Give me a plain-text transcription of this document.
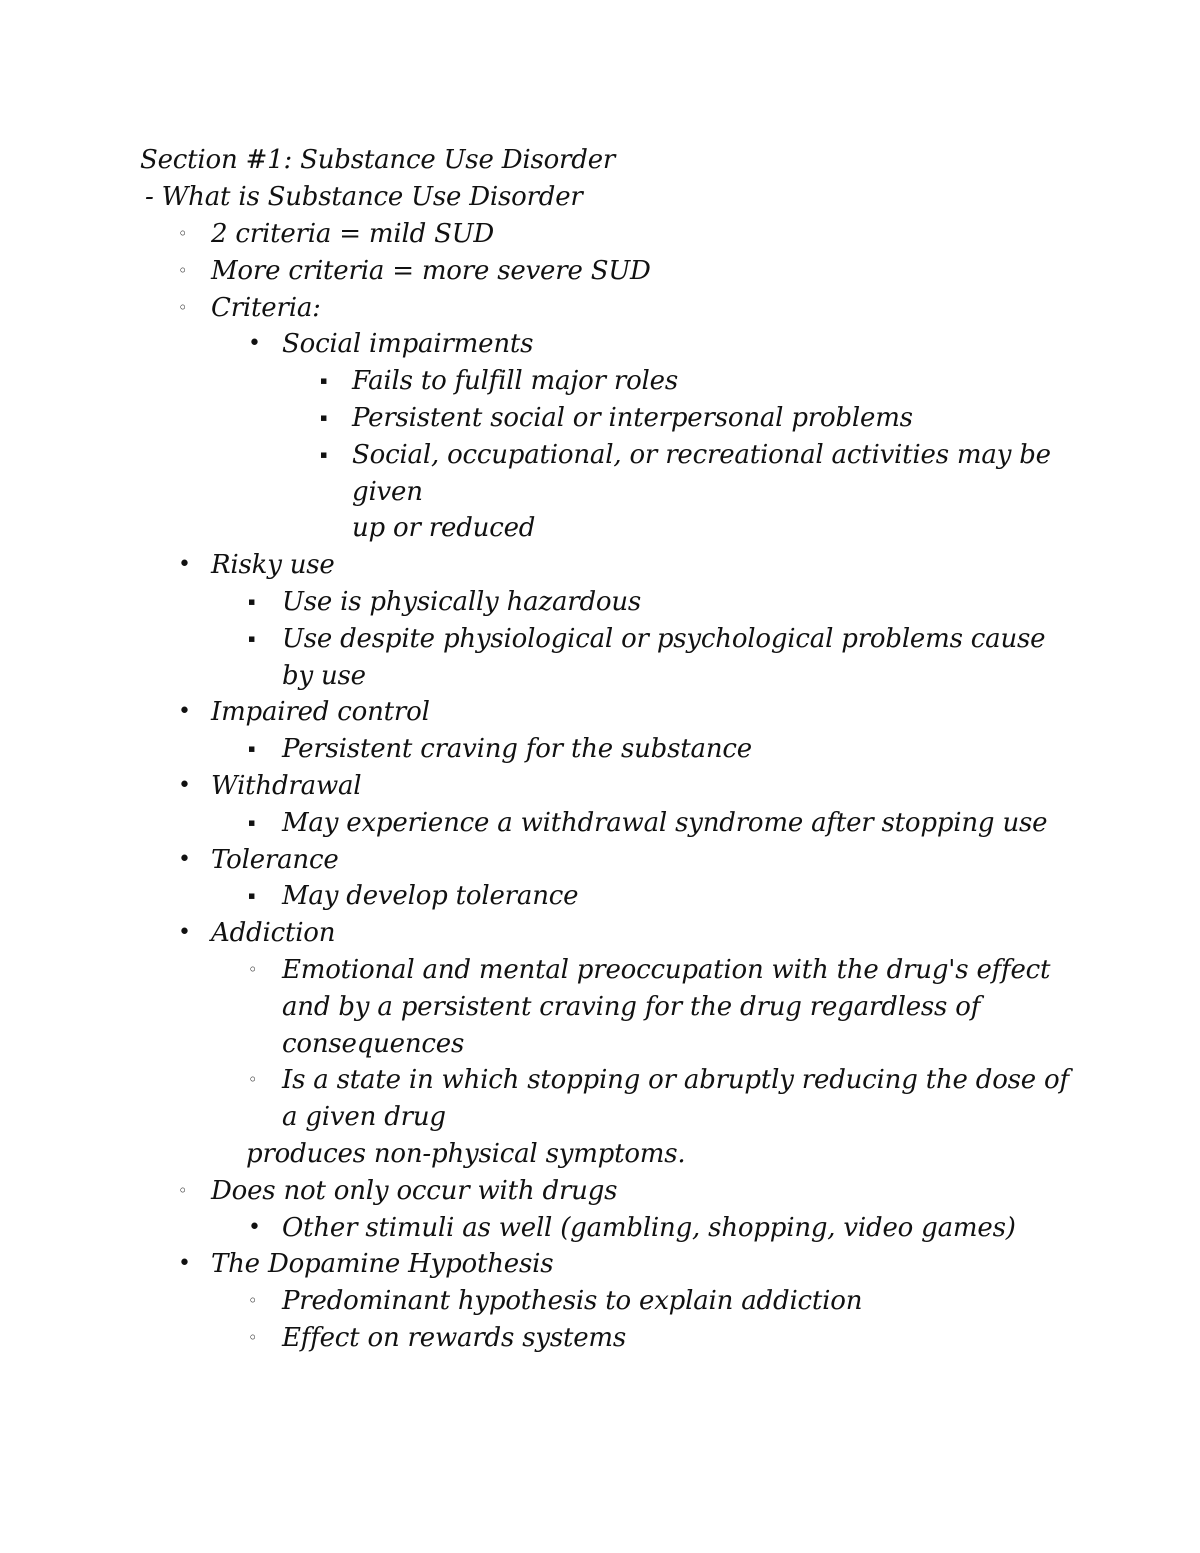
Section #1: Substance Use Disorder
- What is Substance Use Disorder
◦ 2 criteria = mild SUD
◦ More criteria = more severe SUD
◦ Criteria:
• Social impairments
▪ Fails to fulfill major roles
▪ Persistent social or interpersonal problems
▪ Social, occupational, or recreational activities may be
given
up or reduced
• Risky use
▪ Use is physically hazardous
▪ Use despite physiological or psychological problems cause
by use
• Impaired control
▪ Persistent craving for the substance
• Withdrawal
▪ May experience a withdrawal syndrome after stopping use
• Tolerance
▪ May develop tolerance
• Addiction
◦ Emotional and mental preoccupation with the drug's effect
and by a persistent craving for the drug regardless of
consequences
◦ Is a state in which stopping or abruptly reducing the dose of
a given drug
produces non-physical symptoms.
◦ Does not only occur with drugs
• Other stimuli as well (gambling, shopping, video games)
• The Dopamine Hypothesis
◦ Predominant hypothesis to explain addiction
◦ Effect on rewards systems
